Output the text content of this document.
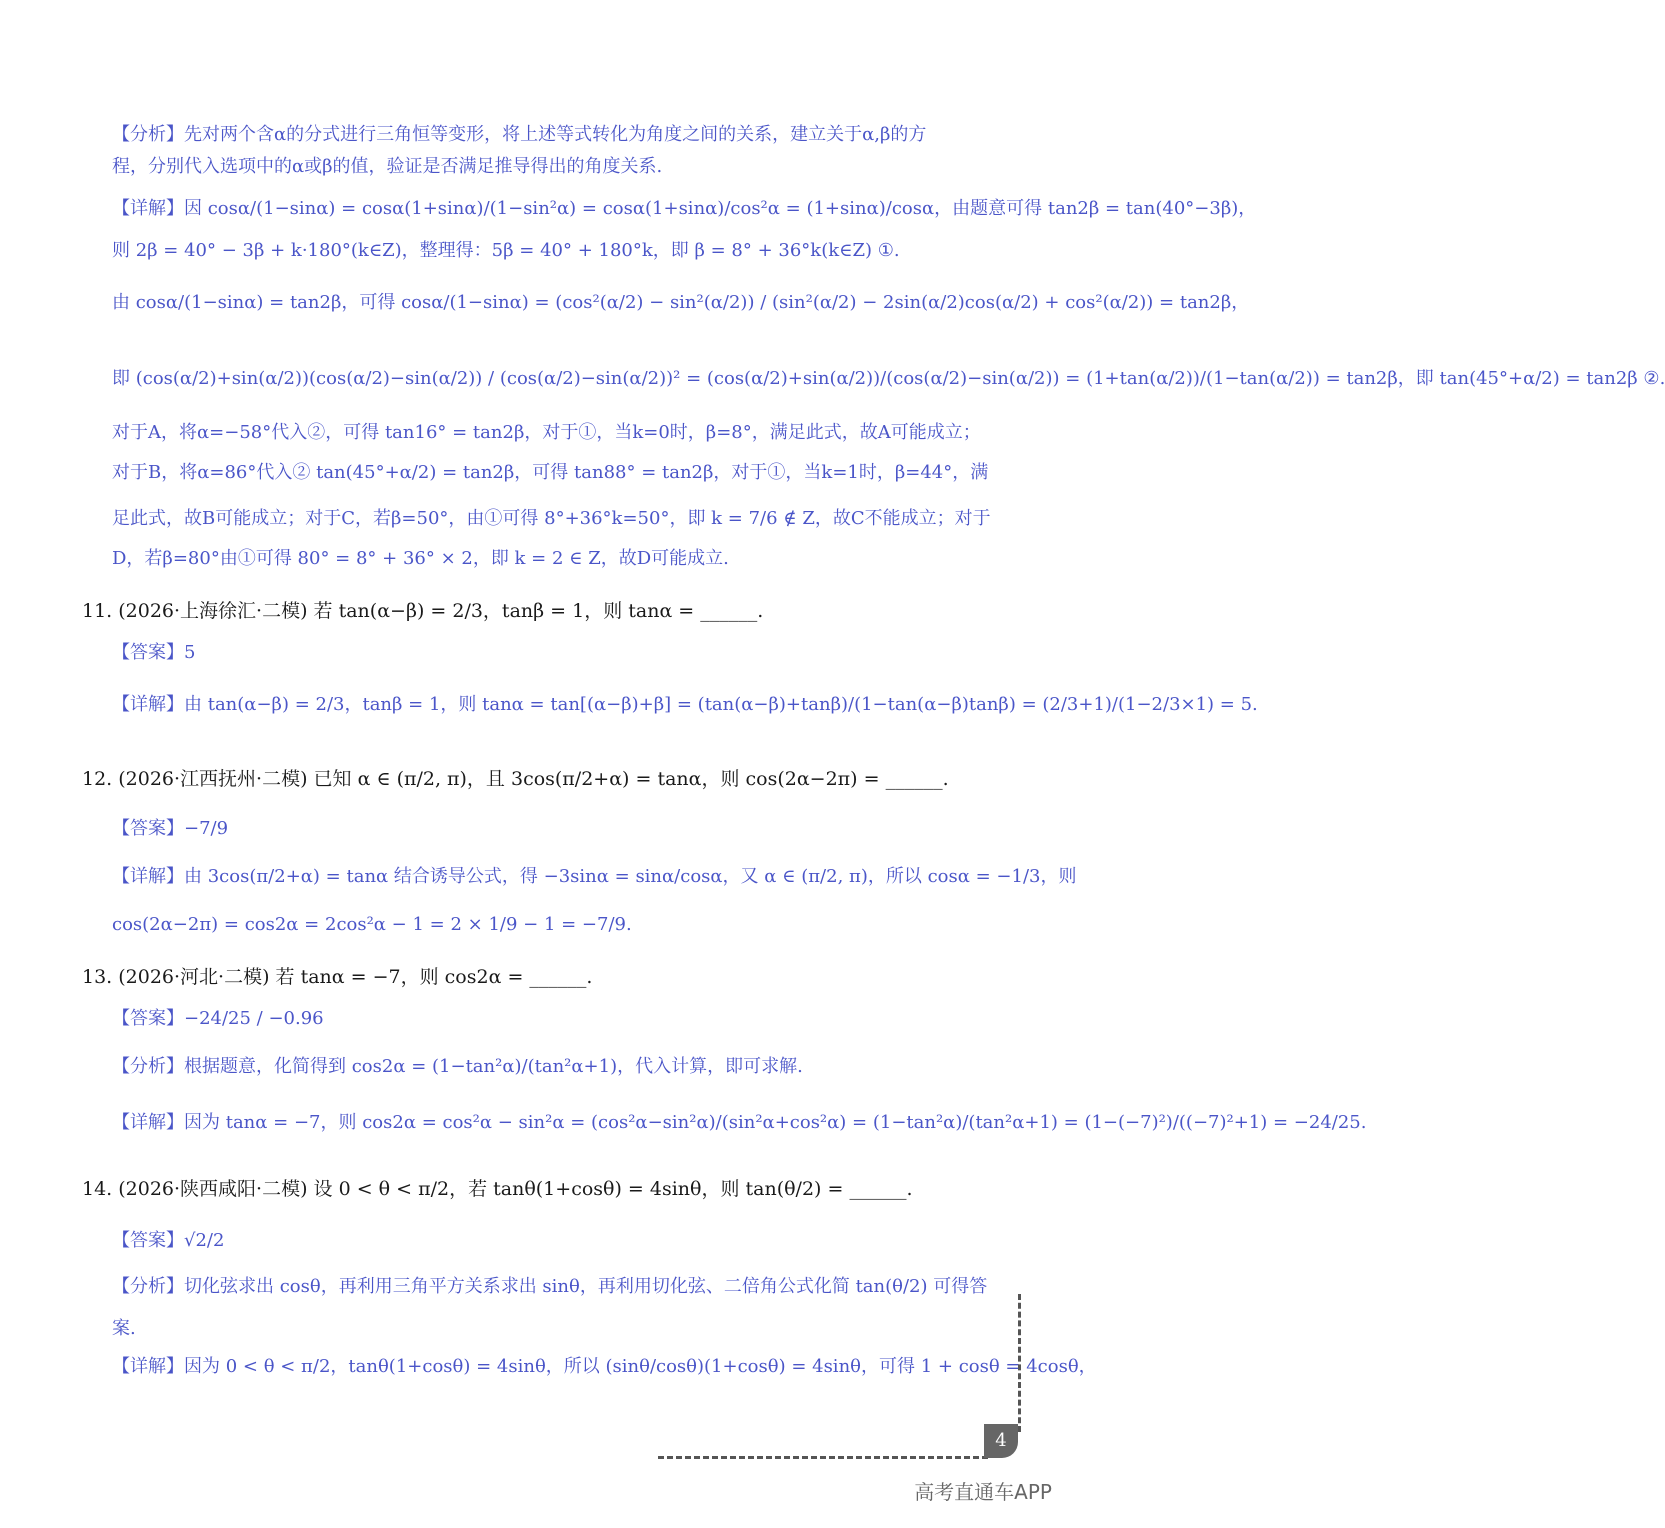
【分析】先对两个含α的分式进行三角恒等变形，将上述等式转化为角度之间的关系，建立关于α,β的方
程，分别代入选项中的α或β的值，验证是否满足推导得出的角度关系.
【详解】因 cosα/(1−sinα) = cosα(1+sinα)/(1−sin²α) = cosα(1+sinα)/cos²α = (1+sinα)/cosα，由题意可得 tan2β = tan(40°−3β)，
则 2β = 40° − 3β + k·180°(k∈Z)，整理得：5β = 40° + 180°k，即 β = 8° + 36°k(k∈Z) ①.
由 cosα/(1−sinα) = tan2β，可得 cosα/(1−sinα) = (cos²(α/2) − sin²(α/2)) / (sin²(α/2) − 2sin(α/2)cos(α/2) + cos²(α/2)) = tan2β，
即 (cos(α/2)+sin(α/2))(cos(α/2)−sin(α/2)) / (cos(α/2)−sin(α/2))² = (cos(α/2)+sin(α/2))/(cos(α/2)−sin(α/2)) = (1+tan(α/2))/(1−tan(α/2)) = tan2β，即 tan(45°+α/2) = tan2β ②.
对于A，将α=−58°代入②，可得 tan16° = tan2β，对于①，当k=0时，β=8°，满足此式，故A可能成立；
对于B，将α=86°代入② tan(45°+α/2) = tan2β，可得 tan88° = tan2β，对于①，当k=1时，β=44°，满
足此式，故B可能成立；对于C，若β=50°，由①可得 8°+36°k=50°，即 k = 7/6 ∉ Z，故C不能成立；对于
D，若β=80°由①可得 80° = 8° + 36° × 2，即 k = 2 ∈ Z，故D可能成立.
11. (2026·上海徐汇·二模) 若 tan(α−β) = 2/3，tanβ = 1，则 tanα = ______.
【答案】5
【详解】由 tan(α−β) = 2/3，tanβ = 1，则 tanα = tan[(α−β)+β] = (tan(α−β)+tanβ)/(1−tan(α−β)tanβ) = (2/3+1)/(1−2/3×1) = 5.
12. (2026·江西抚州·二模) 已知 α ∈ (π/2, π)，且 3cos(π/2+α) = tanα，则 cos(2α−2π) = ______.
【答案】−7/9
【详解】由 3cos(π/2+α) = tanα 结合诱导公式，得 −3sinα = sinα/cosα，又 α ∈ (π/2, π)，所以 cosα = −1/3，则
cos(2α−2π) = cos2α = 2cos²α − 1 = 2 × 1/9 − 1 = −7/9.
13. (2026·河北·二模) 若 tanα = −7，则 cos2α = ______.
【答案】−24/25 / −0.96
【分析】根据题意，化简得到 cos2α = (1−tan²α)/(tan²α+1)，代入计算，即可求解.
【详解】因为 tanα = −7，则 cos2α = cos²α − sin²α = (cos²α−sin²α)/(sin²α+cos²α) = (1−tan²α)/(tan²α+1) = (1−(−7)²)/((−7)²+1) = −24/25.
14. (2026·陕西咸阳·二模) 设 0 < θ < π/2，若 tanθ(1+cosθ) = 4sinθ，则 tan(θ/2) = ______.
【答案】√2/2
【分析】切化弦求出 cosθ，再利用三角平方关系求出 sinθ，再利用切化弦、二倍角公式化简 tan(θ/2) 可得答
案.
【详解】因为 0 < θ < π/2，tanθ(1+cosθ) = 4sinθ，所以 (sinθ/cosθ)(1+cosθ) = 4sinθ，可得 1 + cosθ = 4cosθ，
4
高考直通车APP
